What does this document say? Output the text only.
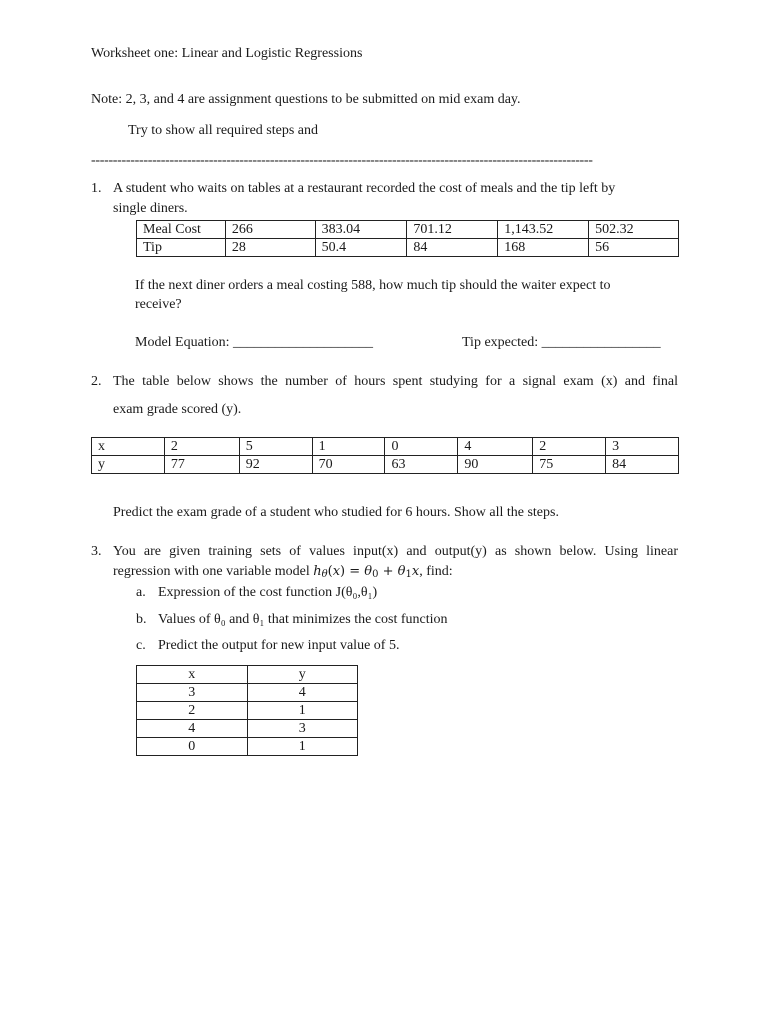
Worksheet one: Linear and Logistic Regressions
Note: 2, 3, and 4 are assignment questions to be submitted on mid exam day.
Try to show all required steps and
-------------------------------------------------------------------------------------------------------------------
1. A student who waits on tables at a restaurant recorded the cost of meals and the tip left by
single diners.
Meal Cost	266	383.04	701.12	1,143.52	502.32
Tip	28	50.4	84	168	56
If the next diner orders a meal costing 588, how much tip should the waiter expect to
receive?
Model Equation: ____________________	Tip expected: _________________
2. The table below shows the number of hours spent studying for a signal exam (x) and final
exam grade scored (y).
x	2	5	1	0	4	2	3
y	77	92	70	63	90	75	84
Predict the exam grade of a student who studied for 6 hours. Show all the steps.
3. You are given training sets of values input(x) and output(y) as shown below. Using linear
regression with one variable model $h_\theta(x) = \theta_0 + \theta_1x$, find:
a. Expression of the cost function J(θ₀,θ₁)
b. Values of θ₀ and θ₁ that minimizes the cost function
c. Predict the output for new input value of 5.
x	y
3	4
2	1
4	3
0	1
